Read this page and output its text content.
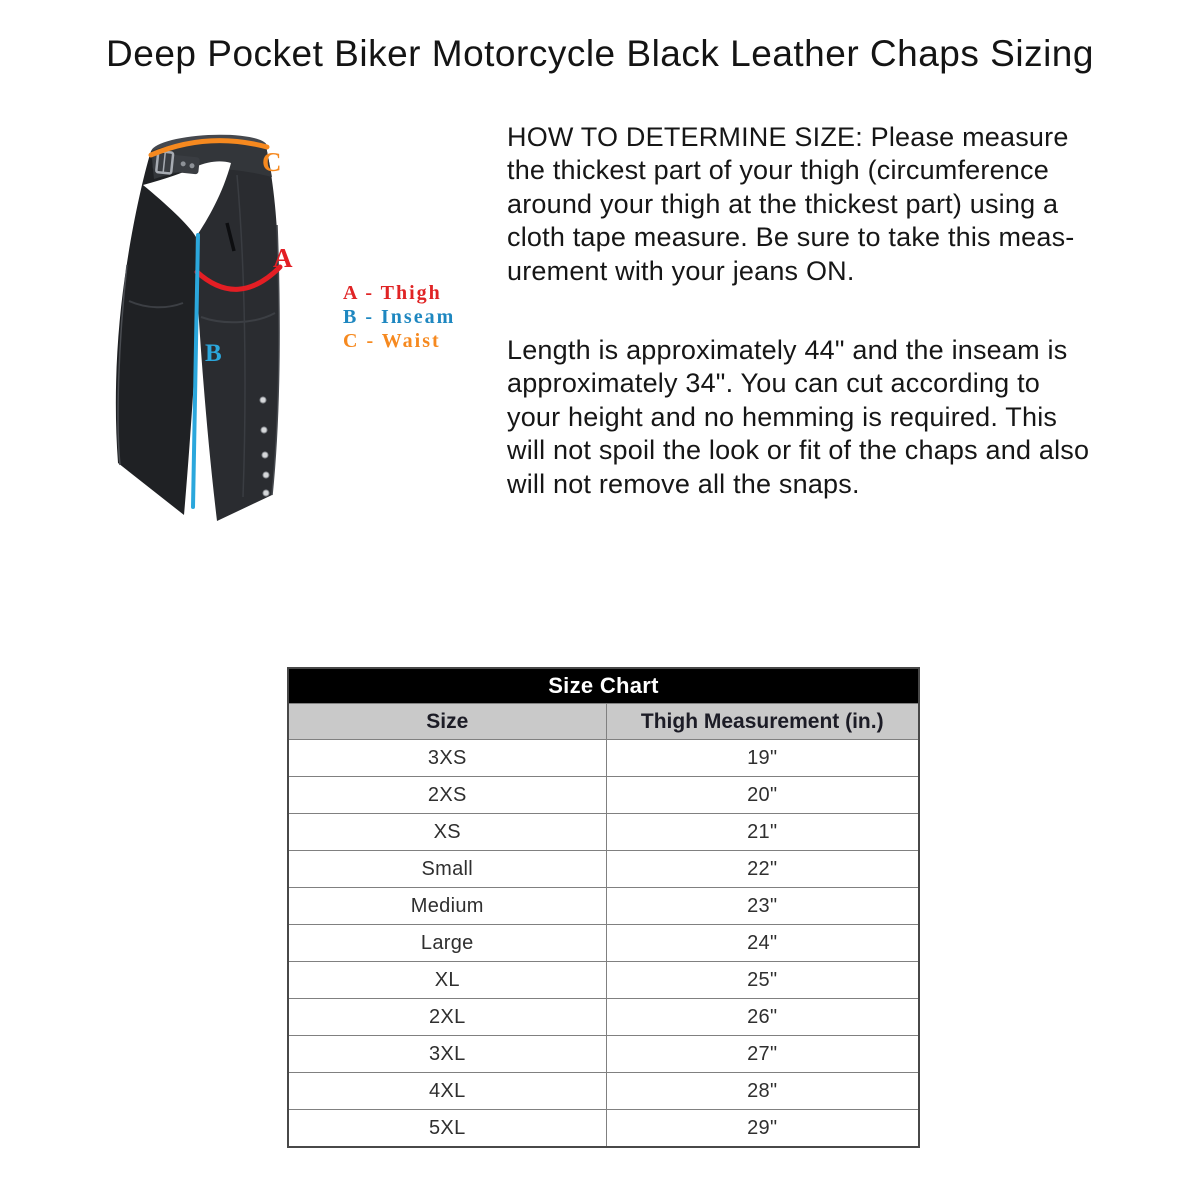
Deep Pocket Biker Motorcycle Black Leather Chaps Sizing
C
A
B
A - Thigh
B - Inseam
C - Waist
HOW TO DETERMINE SIZE: Please measure
the thickest part of your thigh (circumference
around your thigh at the thickest part) using a
cloth tape measure. Be sure to take this meas-
urement with your jeans ON.
Length is approximately 44" and the inseam is
approximately 34". You can cut according to
your height and no hemming is required. This
will not spoil the look or fit of the chaps and also
will not remove all the snaps.
Size Chart	
Size	Thigh Measurement (in.)
3XS	19"
2XS	20"
XS	21"
Small	22"
Medium	23"
Large	24"
XL	25"
2XL	26"
3XL	27"
4XL	28"
5XL	29"
